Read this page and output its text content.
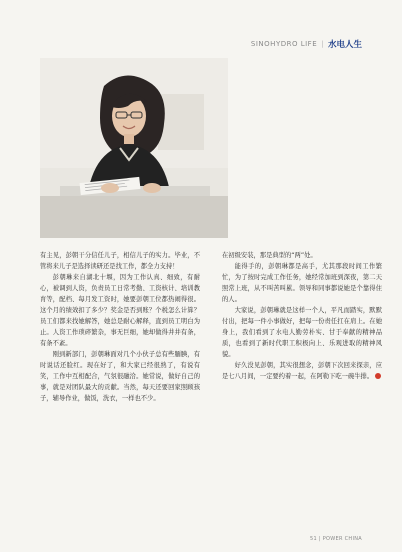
SINOHYDRO LIFE | 水电人生

有主见，彭朝干分信任儿子，相信儿子的实力。毕业，不管将来儿子是选择读研还是找工作，都全力支持！

彭朝琳来自湖北十堰，因为工作认真、细致，有耐心，被调到人资，负责员工日常考勤、工资核计、培训教育等，配档、每月发工资时，她要彭朝工位都热闹得很。这个月的绩效扣了多少？奖金是否到账？个税怎么计算？员工们都来找她解答，她总是耐心解释，直到员工明白为止。人资工作琐碎繁杂，事无巨细，她却做得井井有条，有条不紊。

刚到新部门，彭朝琳面对几个小伙子总有些腼腆，有时说话还脸红。现在好了，和大家已经很熟了，有说有笑，工作中互相配合，气氛很融洽。她常说，做好自己的事，就是对团队最大的贡献。当然，每天还要回家照顾孩子，辅导作业，做饭，洗衣，一样也不少。

在初级安装，那是典型的“两”处。

能得手的，彭朝琳都是高手，尤其那段时间工作繁忙，为了按时完成工作任务，她经常加班到深夜，第二天照常上班，从不叫苦叫累。领导和同事都说她是个靠得住的人。

大家说，彭朝琳就是这样一个人，平凡而踏实，默默付出，把每一件小事做好，把每一份责任扛在肩上。在她身上，我们看到了水电人勤劳朴实、甘于奉献的精神品质，也看到了新时代职工积极向上、乐观进取的精神风貌。

好久没见彭朝，其实很想念，彭朝下次回来探亲，应是七八月间，一定要约着一起，在阿勒下吃一碗牛排。

51 | POWER CHINA
